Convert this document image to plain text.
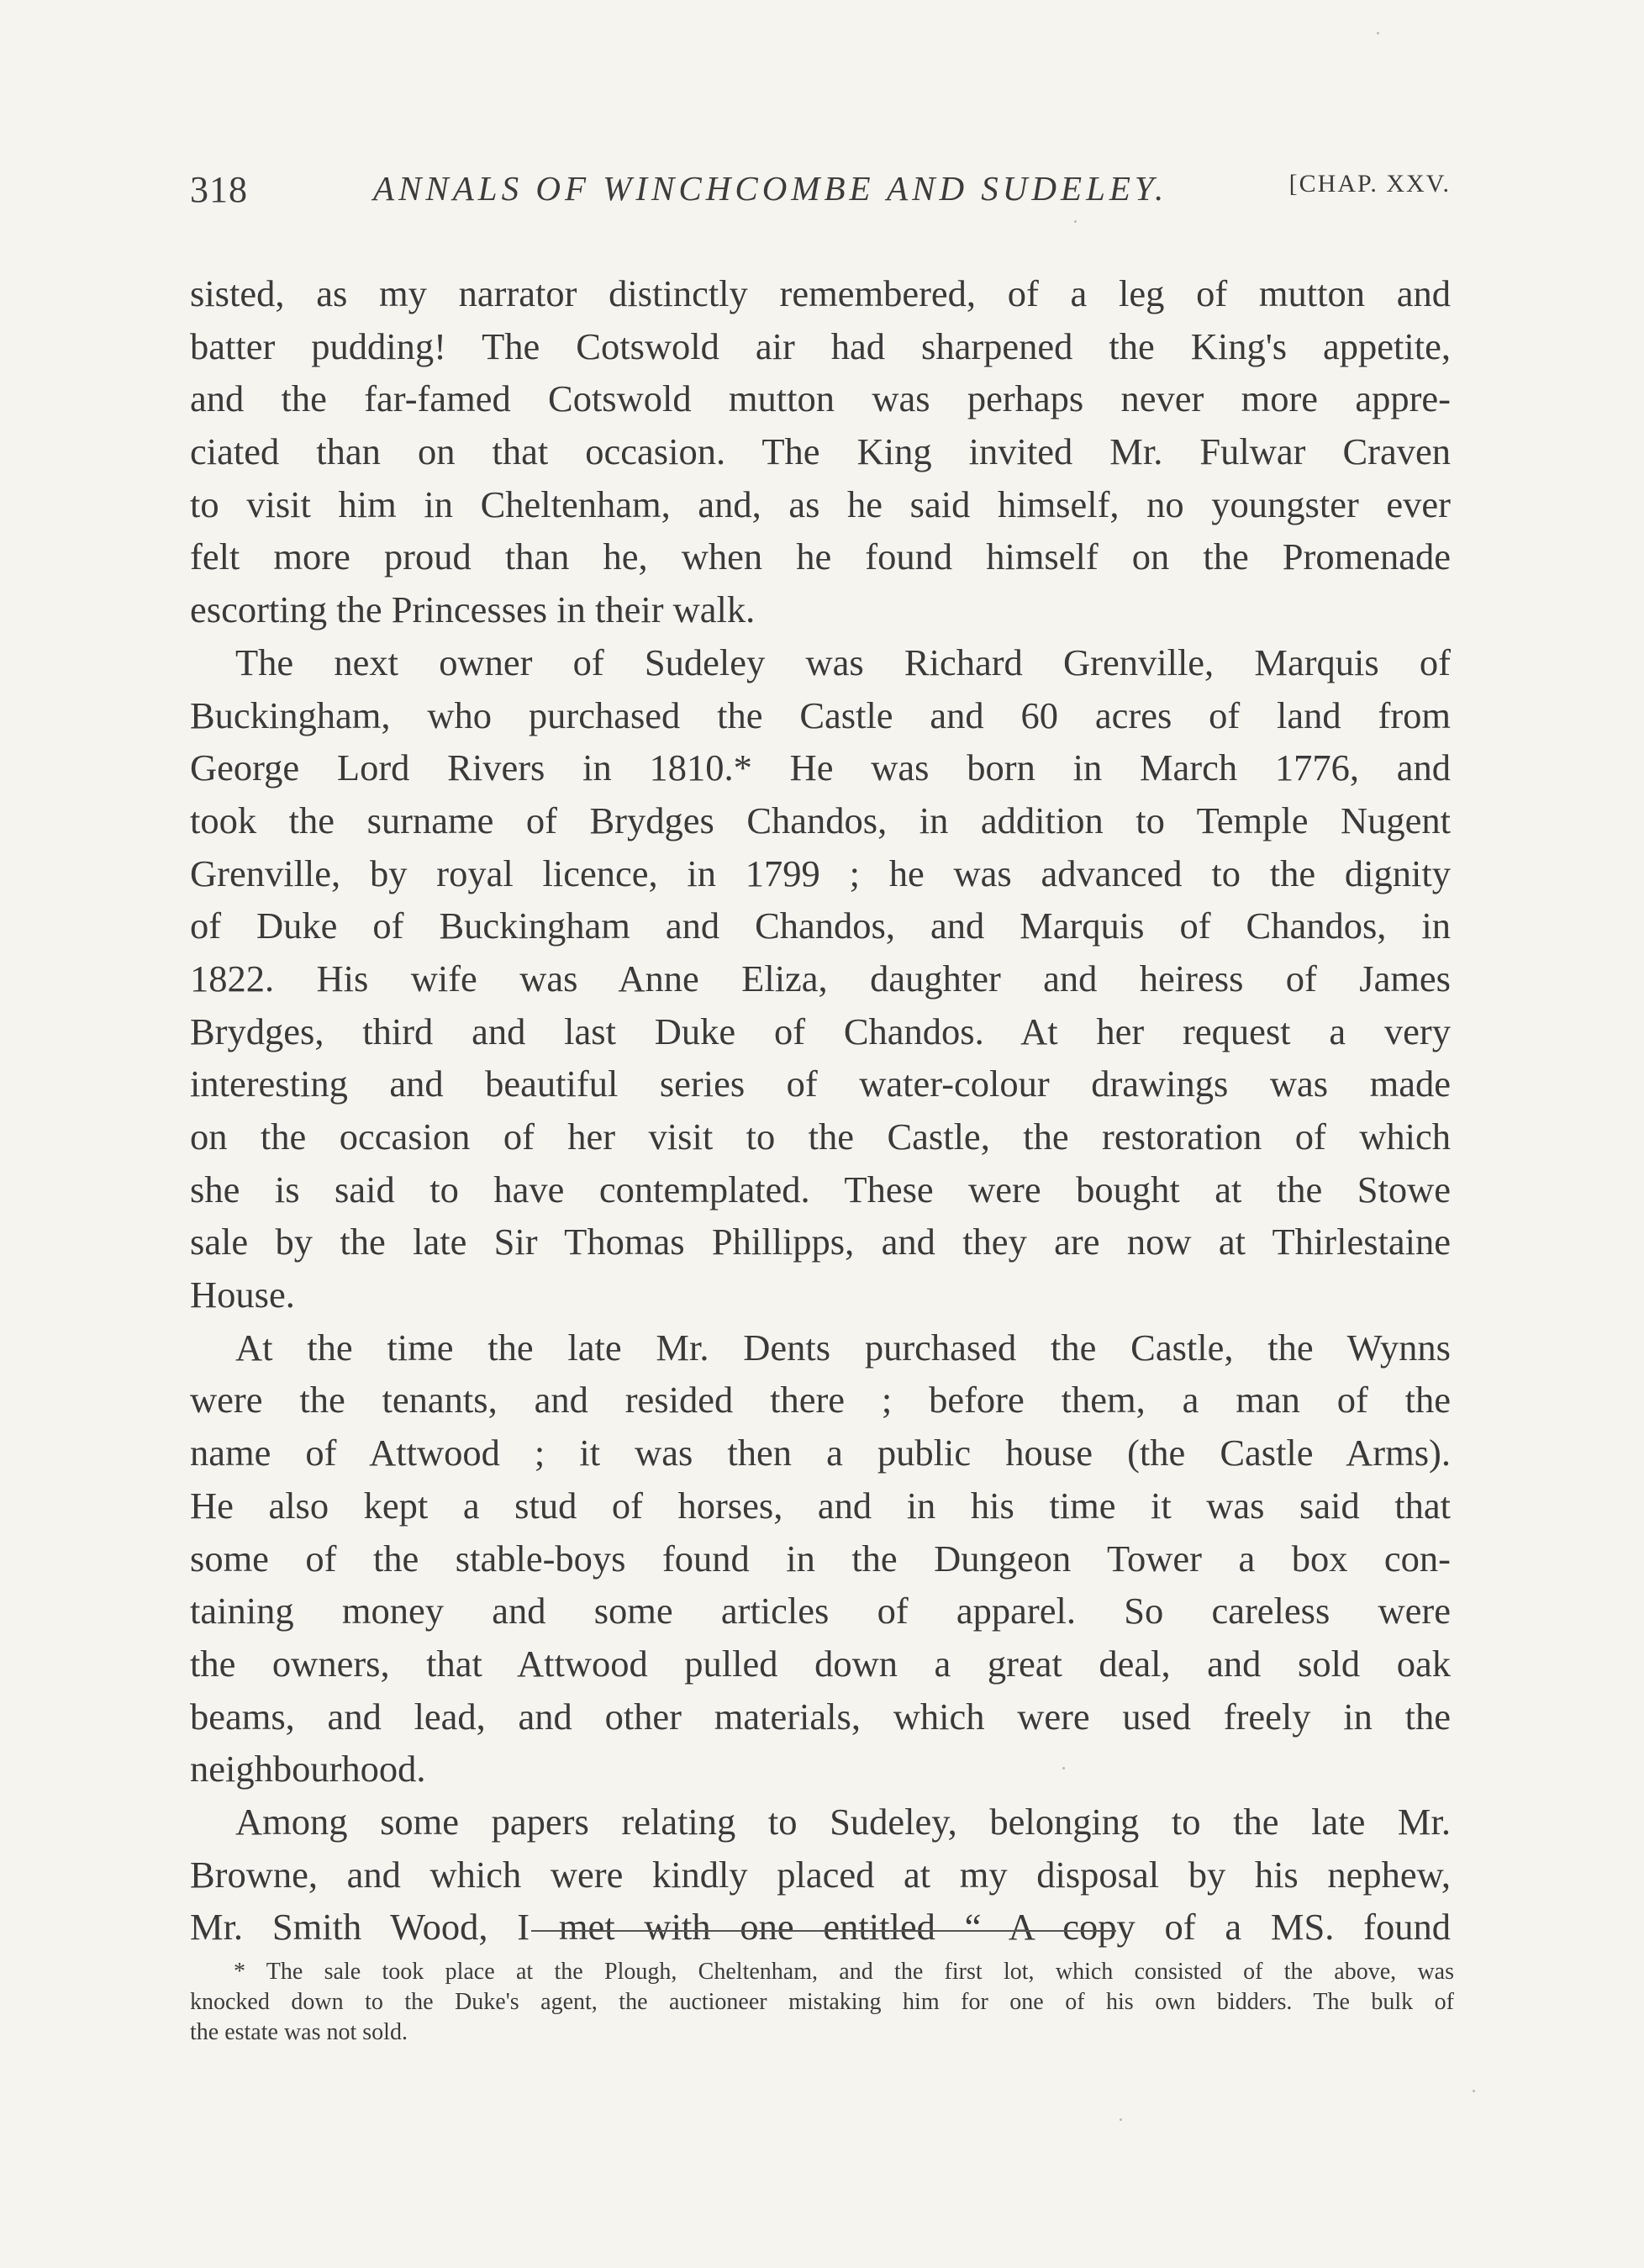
318	ANNALS OF WINCHCOMBE AND SUDELEY.	[CHAP. XXV.
sisted, as my narrator distinctly remembered, of a leg of mutton and
batter pudding! The Cotswold air had sharpened the King's appetite,
and the far-famed Cotswold mutton was perhaps never more appre-
ciated than on that occasion. The King invited Mr. Fulwar Craven
to visit him in Cheltenham, and, as he said himself, no youngster ever
felt more proud than he, when he found himself on the Promenade
escorting the Princesses in their walk.
The next owner of Sudeley was Richard Grenville, Marquis of
Buckingham, who purchased the Castle and 60 acres of land from
George Lord Rivers in 1810.* He was born in March 1776, and
took the surname of Brydges Chandos, in addition to Temple Nugent
Grenville, by royal licence, in 1799 ; he was advanced to the dignity
of Duke of Buckingham and Chandos, and Marquis of Chandos, in
1822. His wife was Anne Eliza, daughter and heiress of James
Brydges, third and last Duke of Chandos. At her request a very
interesting and beautiful series of water-colour drawings was made
on the occasion of her visit to the Castle, the restoration of which
she is said to have contemplated. These were bought at the Stowe
sale by the late Sir Thomas Phillipps, and they are now at Thirlestaine
House.
At the time the late Mr. Dents purchased the Castle, the Wynns
were the tenants, and resided there ; before them, a man of the
name of Attwood ; it was then a public house (the Castle Arms).
He also kept a stud of horses, and in his time it was said that
some of the stable-boys found in the Dungeon Tower a box con-
taining money and some articles of apparel. So careless were
the owners, that Attwood pulled down a great deal, and sold oak
beams, and lead, and other materials, which were used freely in the
neighbourhood.
Among some papers relating to Sudeley, belonging to the late Mr.
Browne, and which were kindly placed at my disposal by his nephew,
Mr. Smith Wood, I met with one entitled “ A copy of a MS. found
* The sale took place at the Plough, Cheltenham, and the first lot, which consisted of the above, was
knocked down to the Duke's agent, the auctioneer mistaking him for one of his own bidders. The bulk of
the estate was not sold.
